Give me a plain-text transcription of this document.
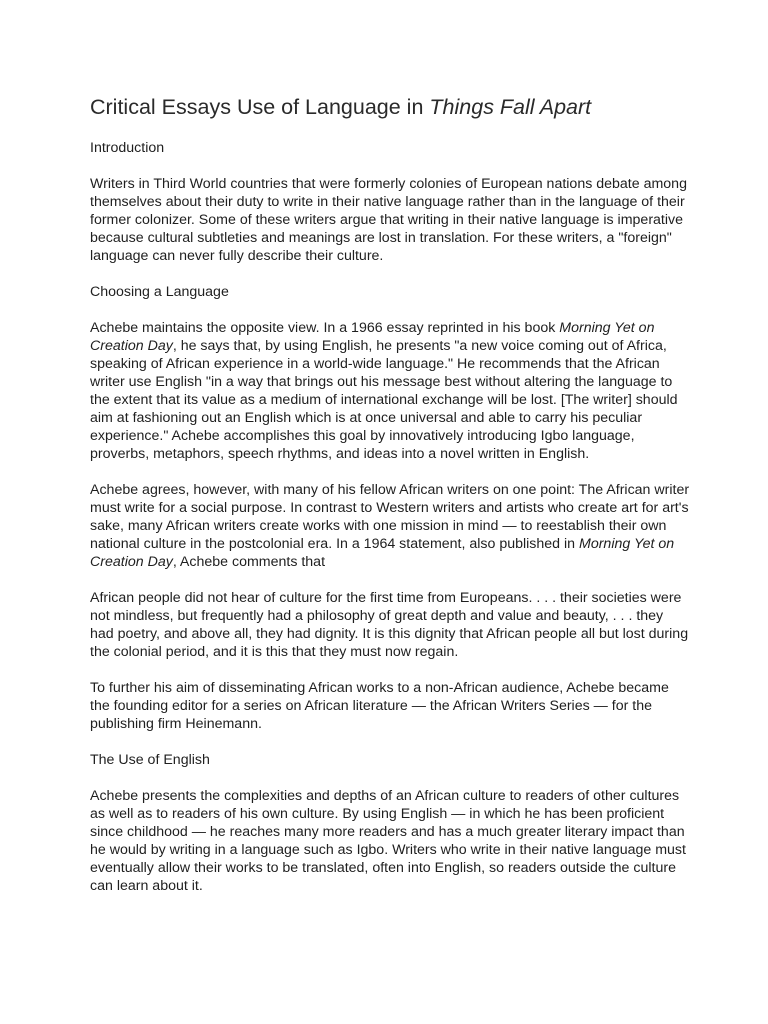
Critical Essays Use of Language in Things Fall Apart
Introduction

Writers in Third World countries that were formerly colonies of European nations debate among themselves about their duty to write in their native language rather than in the language of their former colonizer. Some of these writers argue that writing in their native language is imperative because cultural subtleties and meanings are lost in translation. For these writers, a "foreign" language can never fully describe their culture.

Choosing a Language

Achebe maintains the opposite view. In a 1966 essay reprinted in his book Morning Yet on Creation Day, he says that, by using English, he presents "a new voice coming out of Africa, speaking of African experience in a world-wide language." He recommends that the African writer use English "in a way that brings out his message best without altering the language to the extent that its value as a medium of international exchange will be lost. [The writer] should aim at fashioning out an English which is at once universal and able to carry his peculiar experience." Achebe accomplishes this goal by innovatively introducing Igbo language, proverbs, metaphors, speech rhythms, and ideas into a novel written in English.

Achebe agrees, however, with many of his fellow African writers on one point: The African writer must write for a social purpose. In contrast to Western writers and artists who create art for art's sake, many African writers create works with one mission in mind — to reestablish their own national culture in the postcolonial era. In a 1964 statement, also published in Morning Yet on Creation Day, Achebe comments that

African people did not hear of culture for the first time from Europeans. . . . their societies were not mindless, but frequently had a philosophy of great depth and value and beauty, . . . they had poetry, and above all, they had dignity. It is this dignity that African people all but lost during the colonial period, and it is this that they must now regain.

To further his aim of disseminating African works to a non-African audience, Achebe became the founding editor for a series on African literature — the African Writers Series — for the publishing firm Heinemann.

The Use of English

Achebe presents the complexities and depths of an African culture to readers of other cultures as well as to readers of his own culture. By using English — in which he has been proficient since childhood — he reaches many more readers and has a much greater literary impact than he would by writing in a language such as Igbo. Writers who write in their native language must eventually allow their works to be translated, often into English, so readers outside the culture can learn about it.
